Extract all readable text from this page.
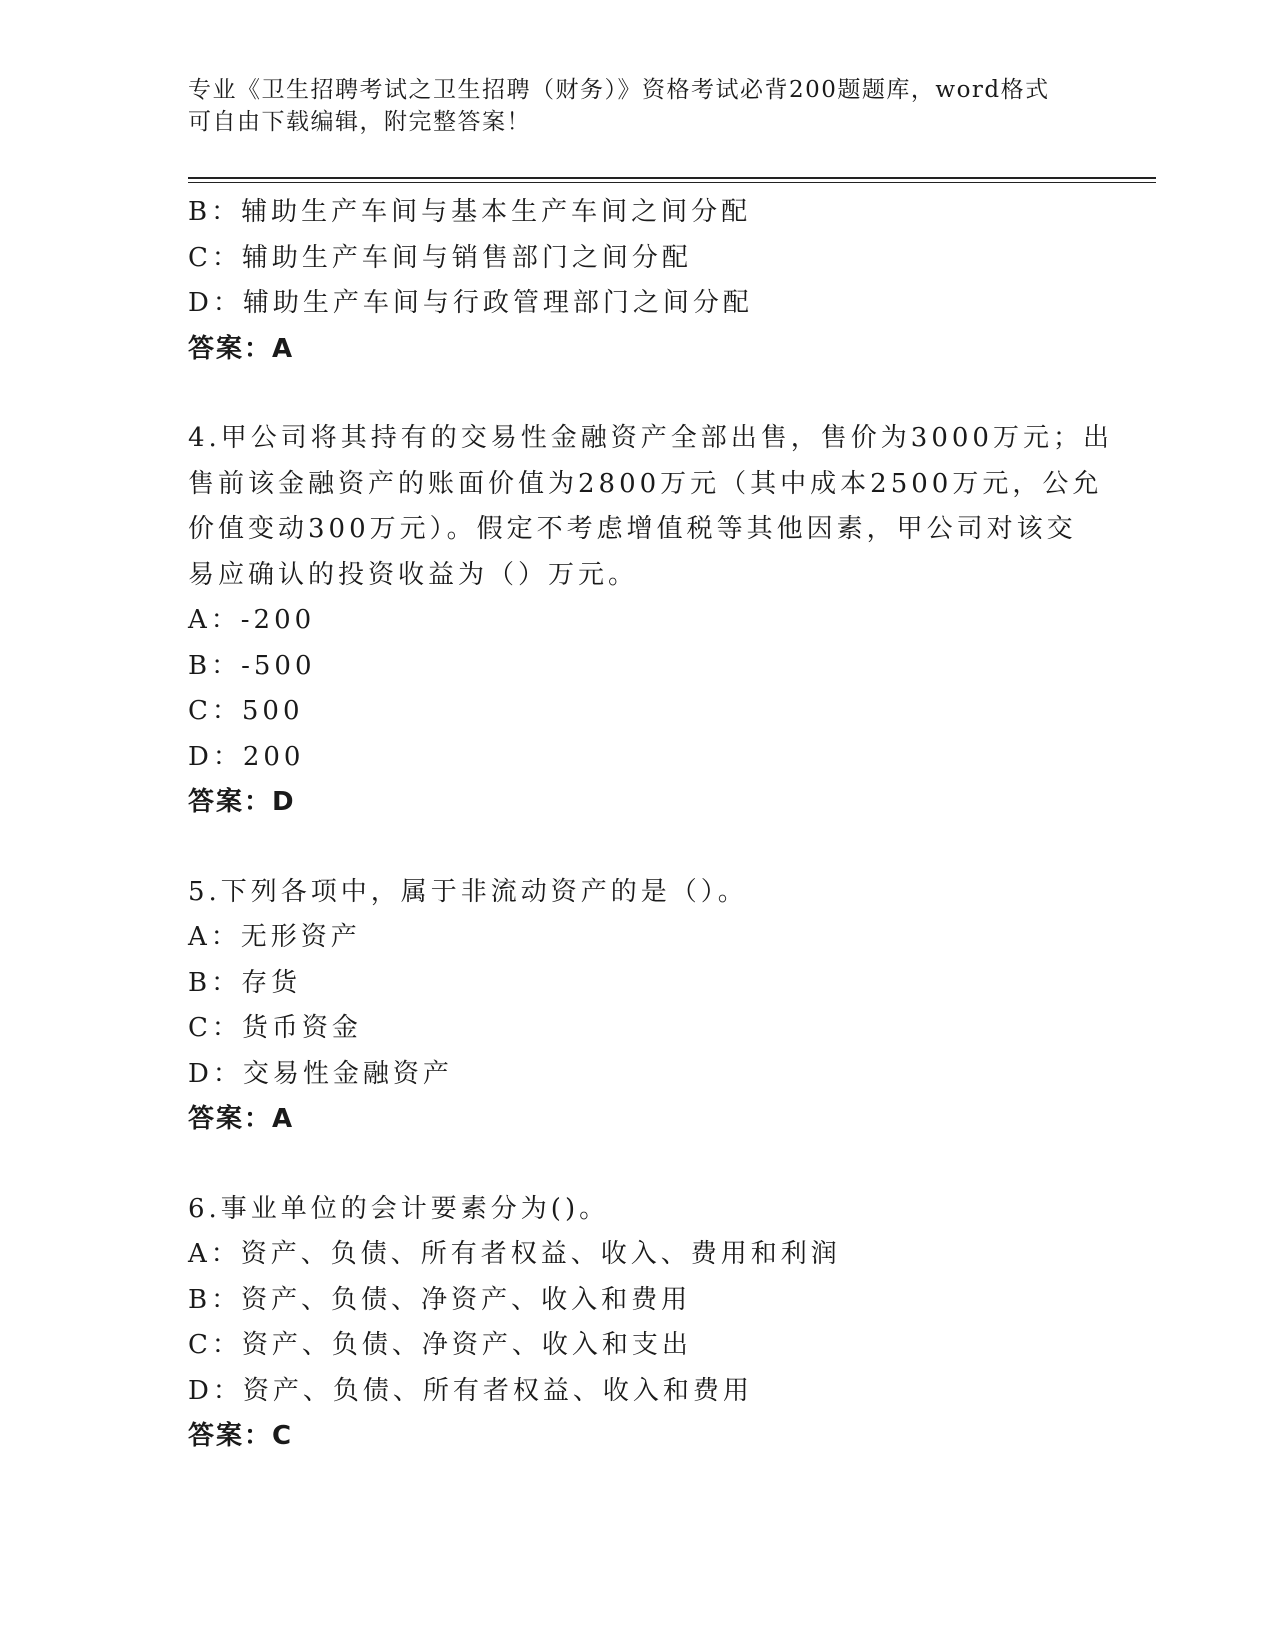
专业《卫生招聘考试之卫生招聘（财务）》资格考试必背200题题库，word格式
可自由下载编辑，附完整答案！
B：辅助生产车间与基本生产车间之间分配
C：辅助生产车间与销售部门之间分配
D：辅助生产车间与行政管理部门之间分配
答案：A
4.甲公司将其持有的交易性金融资产全部出售，售价为3000万元；出
售前该金融资产的账面价值为2800万元（其中成本2500万元，公允
价值变动300万元）。假定不考虑增值税等其他因素，甲公司对该交
易应确认的投资收益为（）万元。
A：-200
B：-500
C：500
D：200
答案：D
5.下列各项中，属于非流动资产的是（）。
A：无形资产
B：存货
C：货币资金
D：交易性金融资产
答案：A
6.事业单位的会计要素分为()。
A：资产、负债、所有者权益、收入、费用和利润
B：资产、负债、净资产、收入和费用
C：资产、负债、净资产、收入和支出
D：资产、负债、所有者权益、收入和费用
答案：C
